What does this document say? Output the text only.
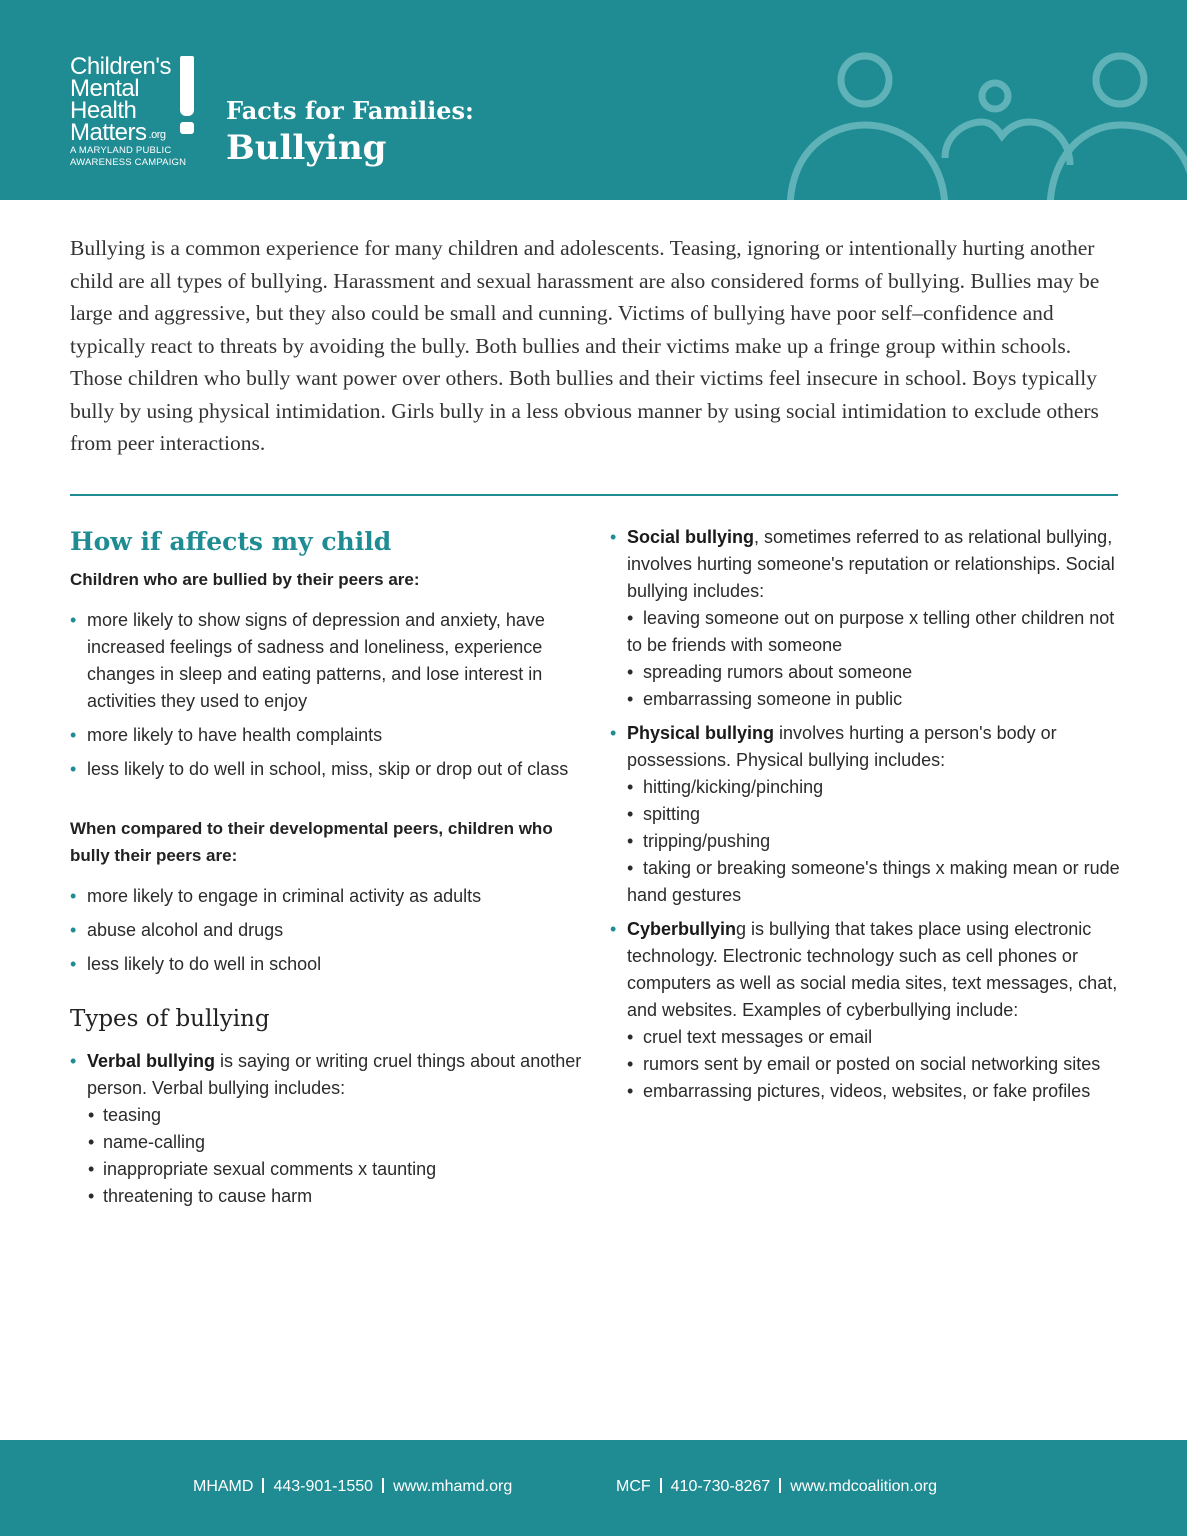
Children's
Mental
Health
Matters .org
A MARYLAND PUBLIC
AWARENESS CAMPAIGN

Facts for Families:

Bullying

Bullying is a common experience for many children and adolescents. Teasing, ignoring or intentionally hurting another child are all types of bullying. Harassment and sexual harassment are also considered forms of bullying. Bullies may be large and aggressive, but they also could be small and cunning. Victims of bullying have poor self–confidence and typically react to threats by avoiding the bully. Both bullies and their victims make up a fringe group within schools. Those children who bully want power over others. Both bullies and their victims feel insecure in school. Boys typically bully by using physical intimidation. Girls bully in a less obvious manner by using social intimidation to exclude others from peer interactions.

How if affects my child

Children who are bullied by their peers are:

• more likely to show signs of depression and anxiety, have increased feelings of sadness and loneliness, experience changes in sleep and eating patterns, and lose interest in activities they used to enjoy
• more likely to have health complaints
• less likely to do well in school, miss, skip or drop out of class

When compared to their developmental peers, children who bully their peers are:

• more likely to engage in criminal activity as adults
• abuse alcohol and drugs
• less likely to do well in school
Types of bullying
• Verbal bullying is saying or writing cruel things about another person. Verbal bullying includes:
• teasing
• name-calling
• inappropriate sexual comments x taunting
• threatening to cause harm
• Social bullying, sometimes referred to as relational bullying, involves hurting someone's reputation or relationships. Social bullying includes:
• leaving someone out on purpose x telling other children not to be friends with someone
• spreading rumors about someone
• embarrassing someone in public
• Physical bullying involves hurting a person's body or possessions. Physical bullying includes:
• hitting/kicking/pinching
• spitting
• tripping/pushing
• taking or breaking someone's things x making mean or rude hand gestures
• Cyberbullying is bullying that takes place using electronic technology. Electronic technology such as cell phones or computers as well as social media sites, text messages, chat, and websites. Examples of cyberbullying include:
• cruel text messages or email
• rumors sent by email or posted on social networking sites
• embarrassing pictures, videos, websites, or fake profiles

MHAMD 443-901-1550 www.mhamd.org	MCF 410-730-8267 www.mdcoalition.org
